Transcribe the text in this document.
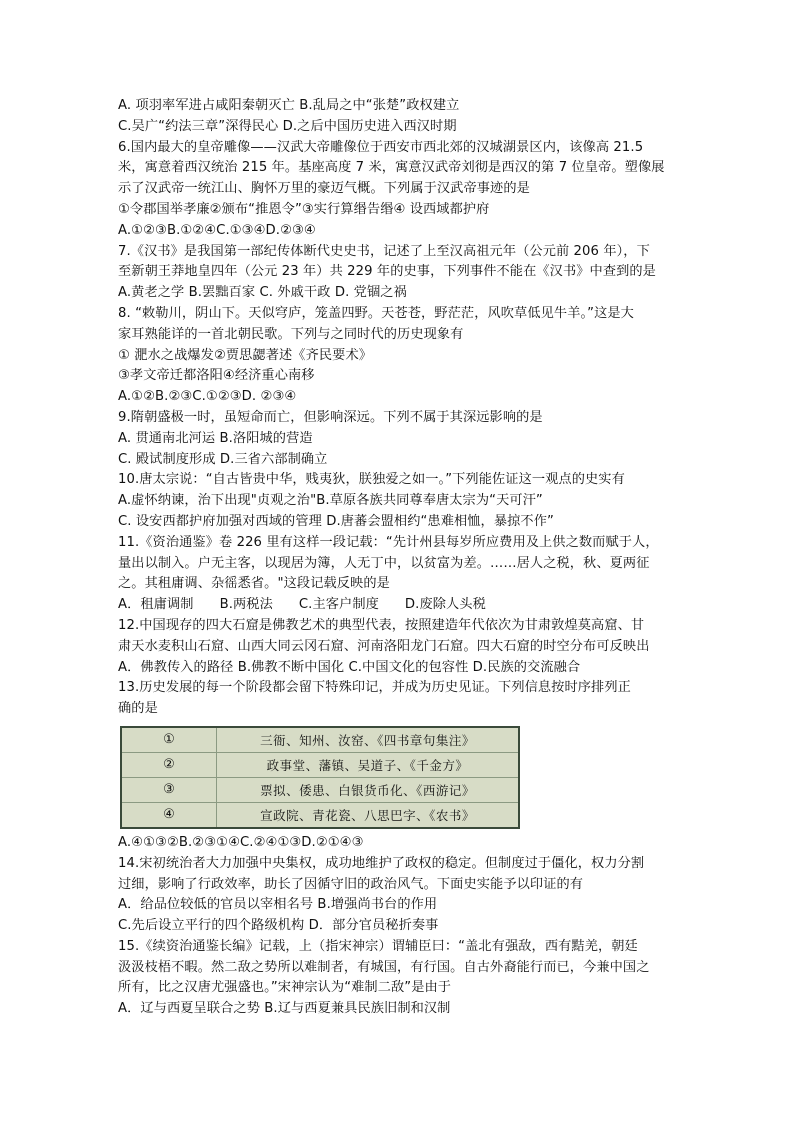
A. 项羽率军进占咸阳秦朝灭亡 B.乱局之中“张楚”政权建立
C.吴广“约法三章”深得民心 D.之后中国历史进入西汉时期
6.国内最大的皇帝雕像——汉武大帝雕像位于西安市西北郊的汉城湖景区内，该像高 21.5
米，寓意着西汉统治 215 年。基座高度 7 米，寓意汉武帝刘彻是西汉的第 7 位皇帝。塑像展
示了汉武帝一统江山、胸怀万里的豪迈气概。下列属于汉武帝事迹的是
①令郡国举孝廉②颁布“推恩令”③实行算缗告缗④ 设西域都护府
A.①②③B.①②④C.①③④D.②③④
7.《汉书》是我国第一部纪传体断代史史书，记述了上至汉高祖元年（公元前 206 年），下
至新朝王莽地皇四年（公元 23 年）共 229 年的史事，下列事件不能在《汉书》中查到的是
A.黄老之学 B.罢黜百家 C. 外戚干政 D. 党锢之祸
8. “敕勒川，阴山下。天似穹庐，笼盖四野。天苍苍，野茫茫，风吹草低见牛羊。”这是大
家耳熟能详的一首北朝民歌。下列与之同时代的历史现象有
① 淝水之战爆发②贾思勰著述《齐民要术》
③孝文帝迁都洛阳④经济重心南移
A.①②B.②③C.①②③D. ②③④
9.隋朝盛极一时，虽短命而亡，但影响深远。下列不属于其深远影响的是
A. 贯通南北河运 B.洛阳城的营造
C. 殿试制度形成 D.三省六部制确立
10.唐太宗说：“自古皆贵中华，贱夷狄，朕独爱之如一。”下列能佐证这一观点的史实有
A.虚怀纳谏，治下出现"贞观之治"B.草原各族共同尊奉唐太宗为“天可汗”
C. 设安西都护府加强对西域的管理 D.唐蕃会盟相约“患难相恤，暴掠不作”
11.《资治通鉴》卷 226 里有这样一段记载：“先计州县每岁所应费用及上供之数而赋于人，
量出以制入。户无主客，以现居为簿，人无丁中，以贫富为差。……居人之税，秋、夏两征
之。其租庸调、杂徭悉省。"这段记载反映的是
A．租庸调制 B.两税法 C.主客户制度 D.废除人头税
12.中国现存的四大石窟是佛教艺术的典型代表，按照建造年代依次为甘肃敦煌莫高窟、甘
肃天水麦积山石窟、山西大同云冈石窟、河南洛阳龙门石窟。四大石窟的时空分布可反映出
A．佛教传入的路径 B.佛教不断中国化 C.中国文化的包容性 D.民族的交流融合
13.历史发展的每一个阶段都会留下特殊印记，并成为历史见证。下列信息按时序排列正
确的是
①	三衙、知州、汝窑、《四书章句集注》
②	政事堂、藩镇、吴道子、《千金方》
③	票拟、倭患、白银货币化、《西游记》
④	宣政院、青花瓷、八思巴字、《农书》
A.④①③②B.②③①④C.②④①③D.②①④③
14.宋初统治者大力加强中央集权，成功地维护了政权的稳定。但制度过于僵化，权力分割
过细，影响了行政效率，助长了因循守旧的政治风气。下面史实能予以印证的有
A．给品位较低的官员以宰相名号 B.增强尚书台的作用
C.先后设立平行的四个路级机构 D．部分官员秘折奏事
15.《续资治通鉴长编》记载，上（指宋神宗）谓辅臣曰：“盖北有强敌，西有黠羌，朝廷
汲汲枝梧不暇。然二敌之势所以难制者，有城国，有行国。自古外裔能行而已，今兼中国之
所有，比之汉唐尤强盛也。”宋神宗认为“难制二敌”是由于
A．辽与西夏呈联合之势 B.辽与西夏兼具民族旧制和汉制
